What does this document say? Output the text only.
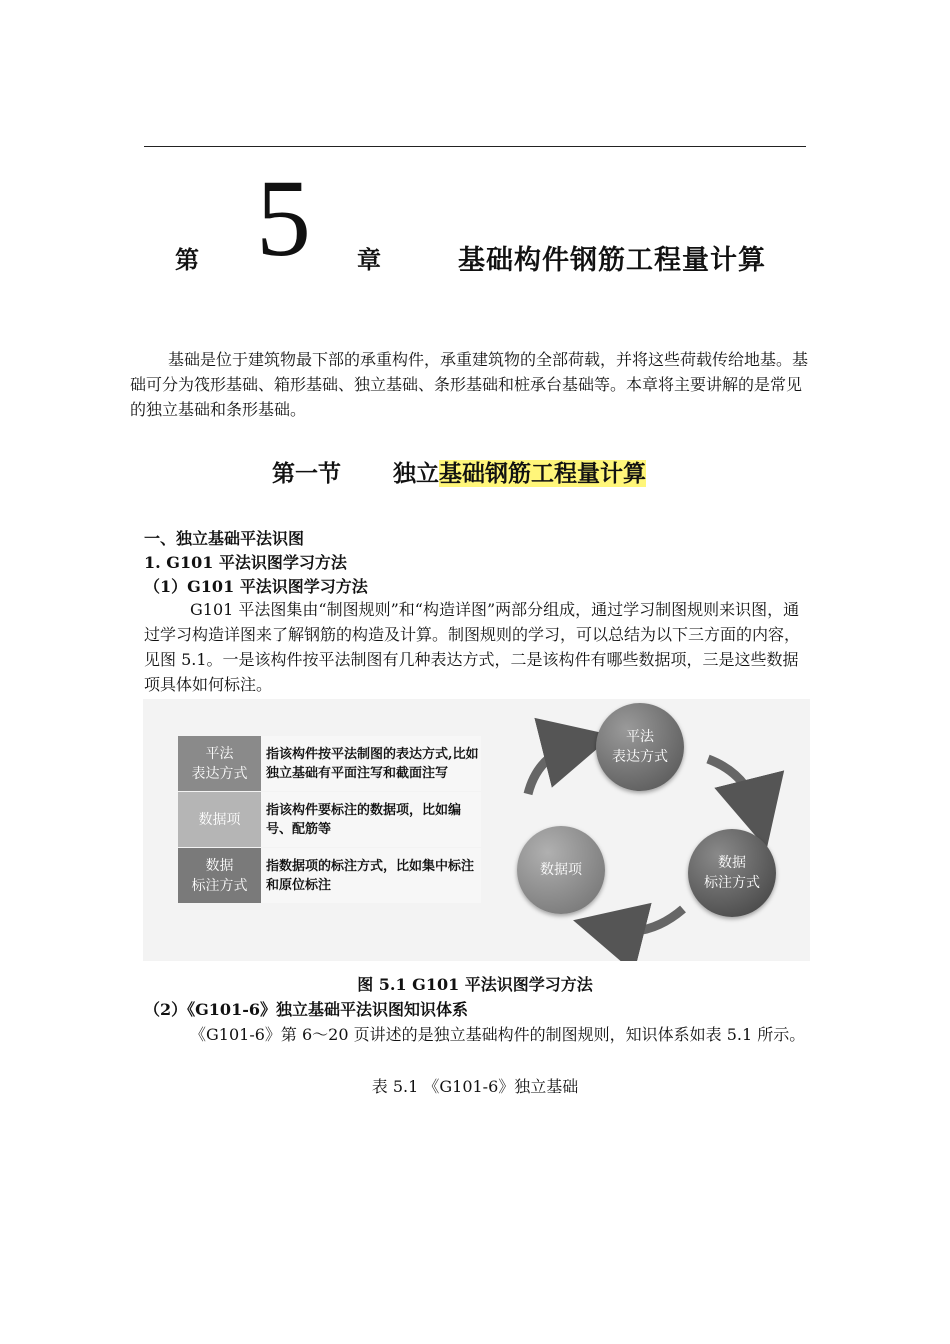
第 5 章	基础构件钢筋工程量计算
基础是位于建筑物最下部的承重构件，承重建筑物的全部荷载，并将这些荷载传给地基。基础可分为筏形基础、箱形基础、独立基础、条形基础和桩承台基础等。本章将主要讲解的是常见的独立基础和条形基础。
第一节 独立基础钢筋工程量计算
一、独立基础平法识图
1. G101 平法识图学习方法
（1）G101 平法识图学习方法
G101 平法图集由“制图规则”和“构造详图”两部分组成，通过学习制图规则来识图，通过学习构造详图来了解钢筋的构造及计算。制图规则的学习，可以总结为以下三方面的内容，见图 5.1。一是该构件按平法制图有几种表达方式，二是该构件有哪些数据项，三是这些数据项具体如何标注。
平法
表达方式
指该构件按平法制图的表达方式,比如独立基础有平面注写和截面注写
数据项
指该构件要标注的数据项，比如编号、配筋等
数据
标注方式
指数据项的标注方式，比如集中标注和原位标注
平法
表达方式
数据
标注方式
数据项
图 5.1 G101 平法识图学习方法
（2）《G101-6》独立基础平法识图知识体系
《G101-6》第 6～20 页讲述的是独立基础构件的制图规则，知识体系如表 5.1 所示。
表 5.1 《G101-6》独立基础
